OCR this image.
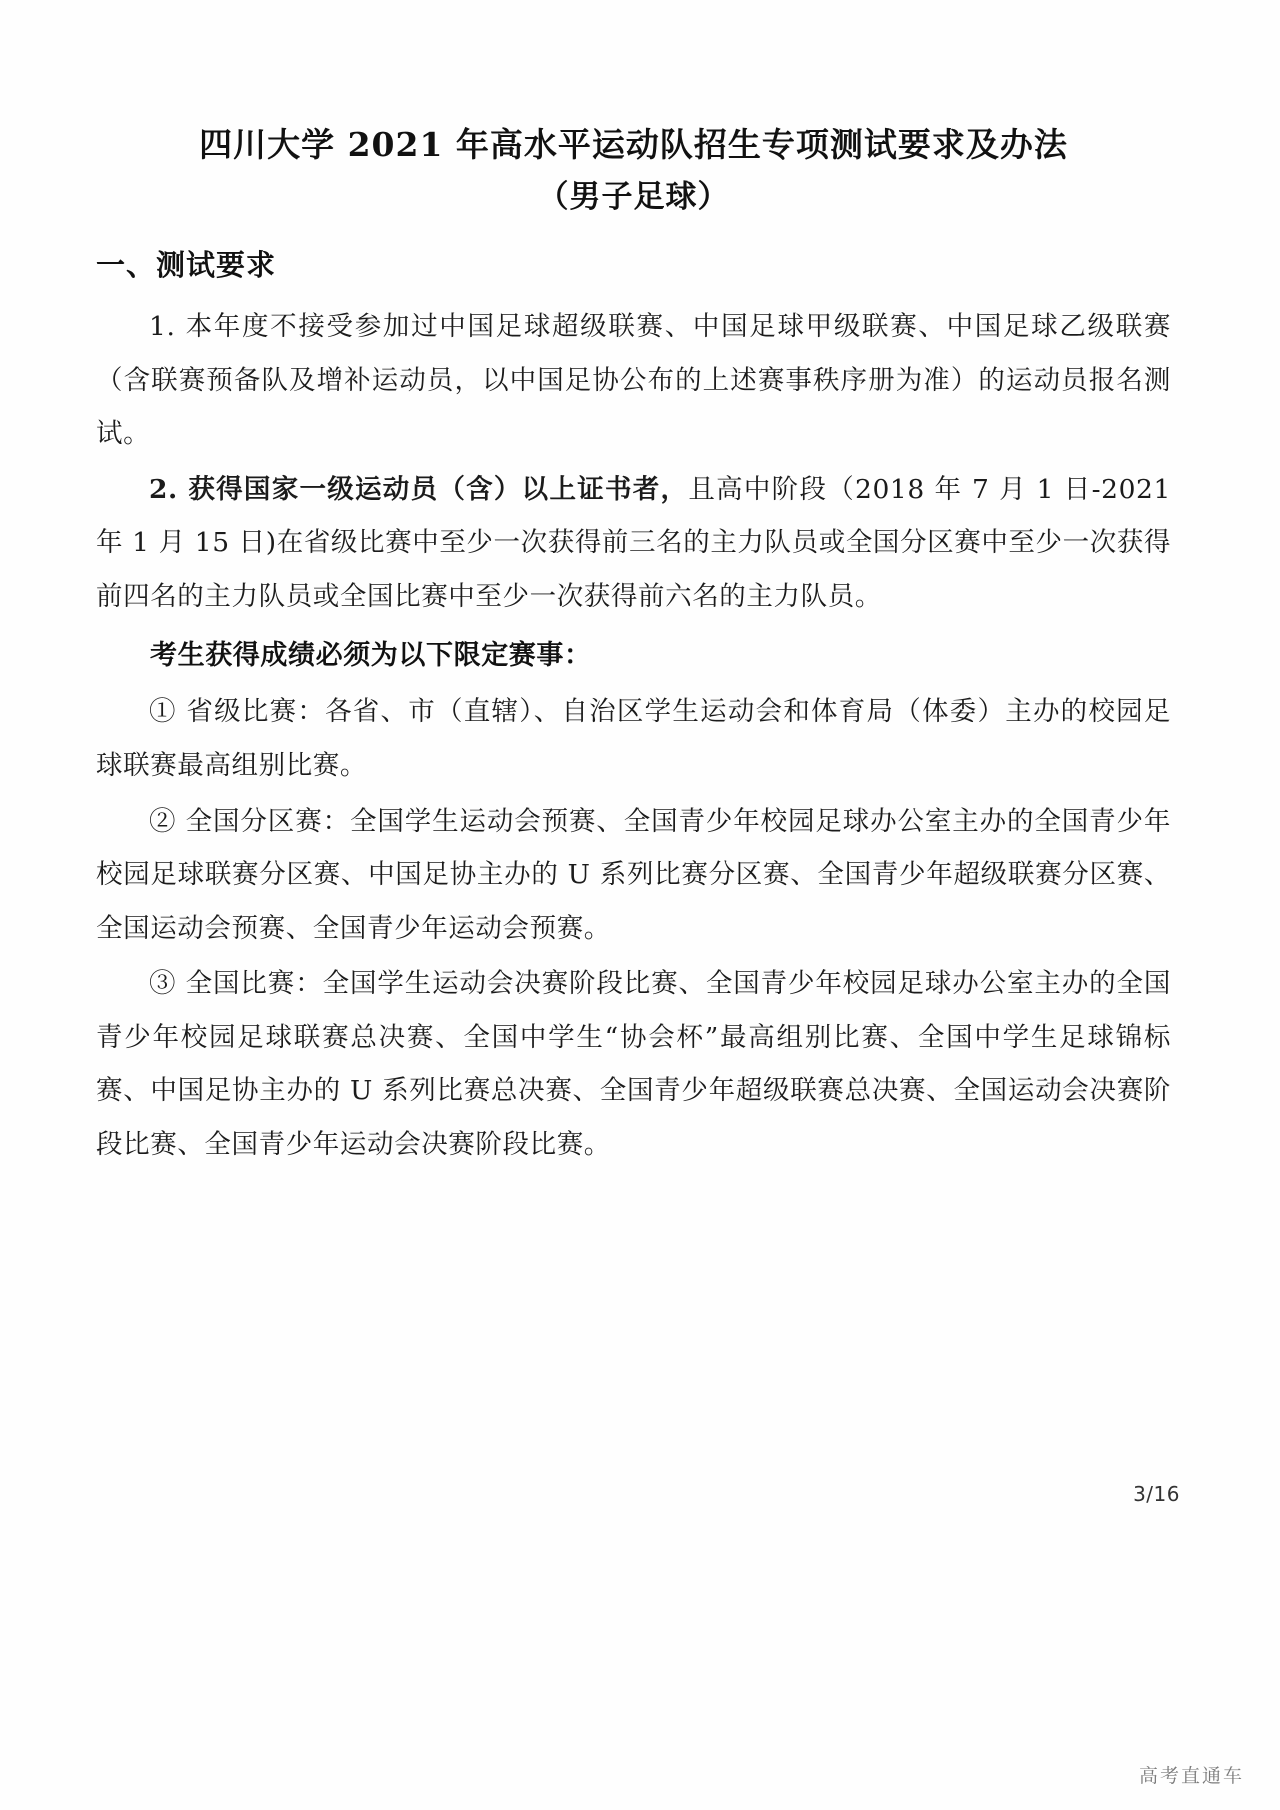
四川大学 2021 年高水平运动队招生专项测试要求及办法
（男子足球）
一、测试要求

1. 本年度不接受参加过中国足球超级联赛、中国足球甲级联赛、中国足球乙级联赛（含联赛预备队及增补运动员，以中国足协公布的上述赛事秩序册为准）的运动员报名测试。

2. 获得国家一级运动员（含）以上证书者，且高中阶段（2018 年 7 月 1 日-2021 年 1 月 15 日)在省级比赛中至少一次获得前三名的主力队员或全国分区赛中至少一次获得前四名的主力队员或全国比赛中至少一次获得前六名的主力队员。

考生获得成绩必须为以下限定赛事：

① 省级比赛：各省、市（直辖）、自治区学生运动会和体育局（体委）主办的校园足球联赛最高组别比赛。

② 全国分区赛：全国学生运动会预赛、全国青少年校园足球办公室主办的全国青少年校园足球联赛分区赛、中国足协主办的 U 系列比赛分区赛、全国青少年超级联赛分区赛、全国运动会预赛、全国青少年运动会预赛。

③ 全国比赛：全国学生运动会决赛阶段比赛、全国青少年校园足球办公室主办的全国青少年校园足球联赛总决赛、全国中学生“协会杯”最高组别比赛、全国中学生足球锦标赛、中国足协主办的 U 系列比赛总决赛、全国青少年超级联赛总决赛、全国运动会决赛阶段比赛、全国青少年运动会决赛阶段比赛。

3/16
高考直通车
